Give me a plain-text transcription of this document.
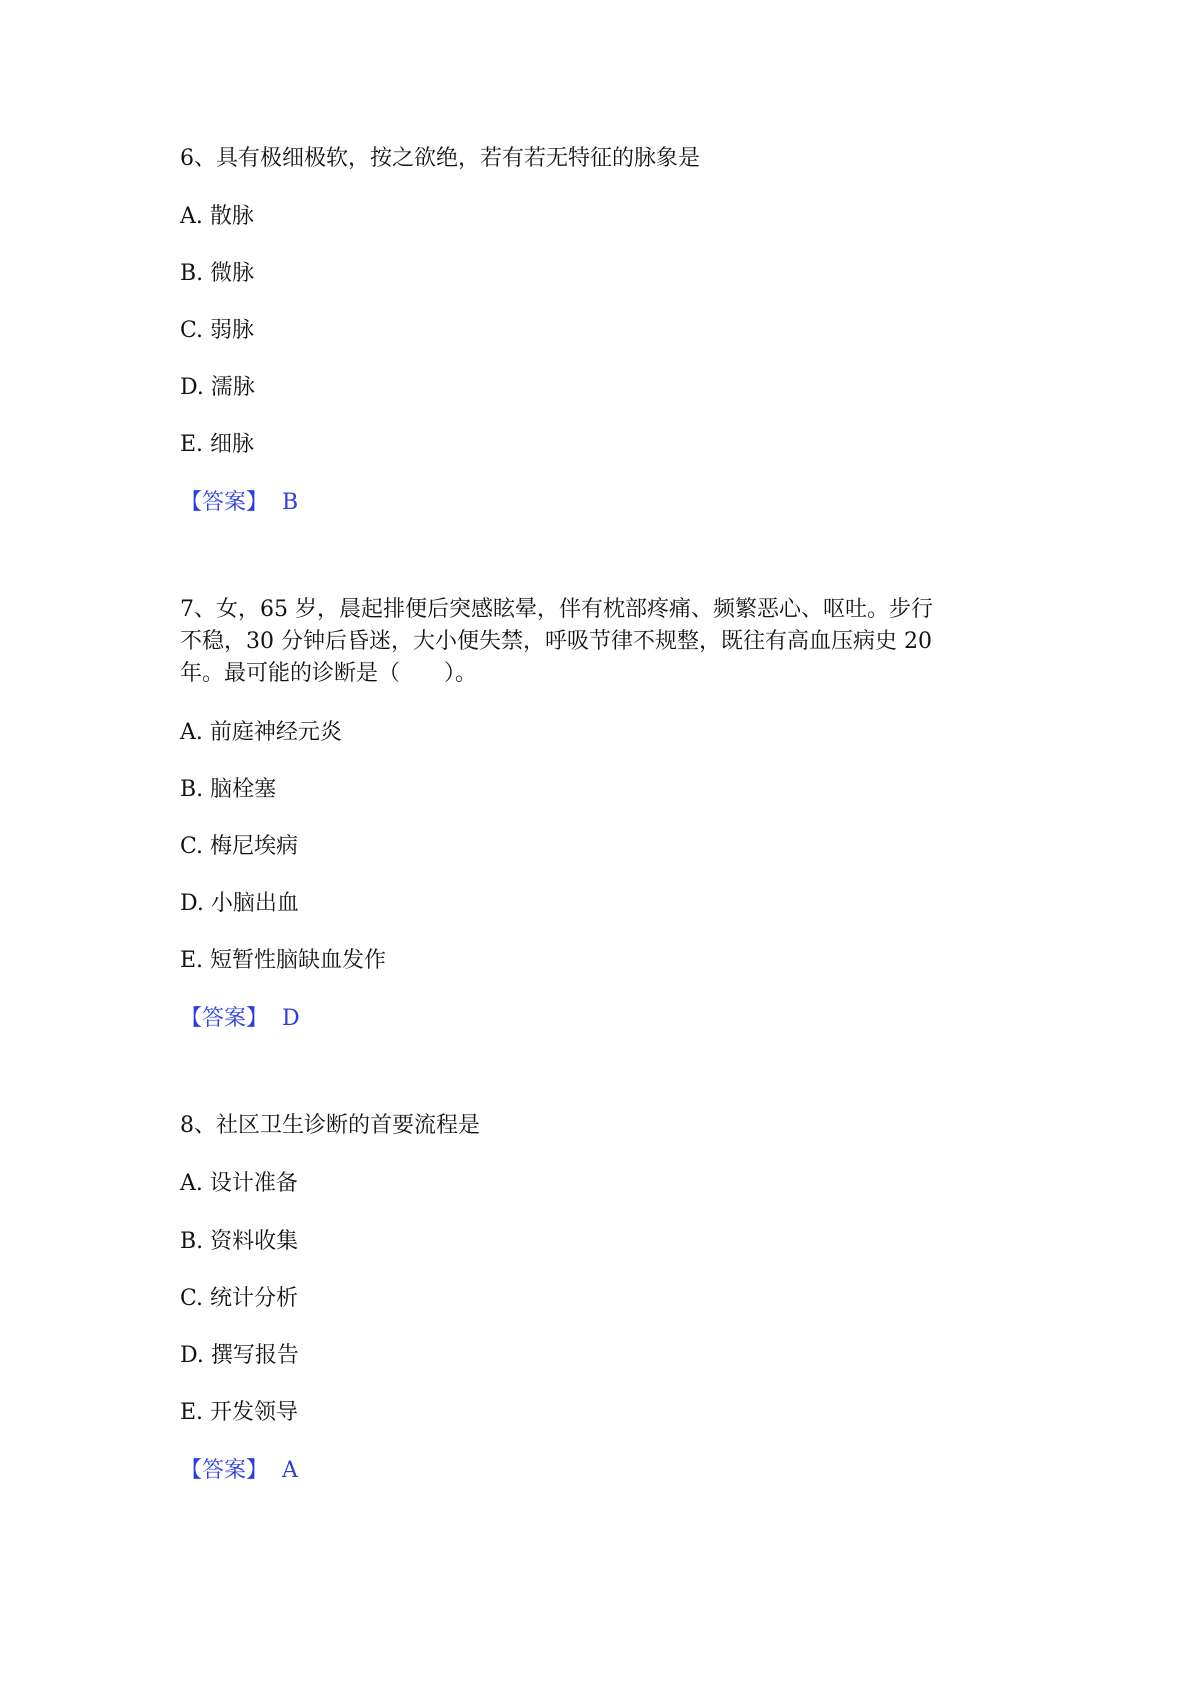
6、具有极细极软，按之欲绝，若有若无特征的脉象是

A. 散脉

B. 微脉

C. 弱脉

D. 濡脉

E. 细脉

【答案】 B

7、女，65 岁，晨起排便后突感眩晕，伴有枕部疼痛、频繁恶心、呕吐。步行

不稳，30 分钟后昏迷，大小便失禁，呼吸节律不规整，既往有高血压病史 20

年。最可能的诊断是（　　）。

A. 前庭神经元炎

B. 脑栓塞

C. 梅尼埃病

D. 小脑出血

E. 短暂性脑缺血发作

【答案】 D

8、社区卫生诊断的首要流程是

A. 设计准备

B. 资料收集

C. 统计分析

D. 撰写报告

E. 开发领导

【答案】 A
